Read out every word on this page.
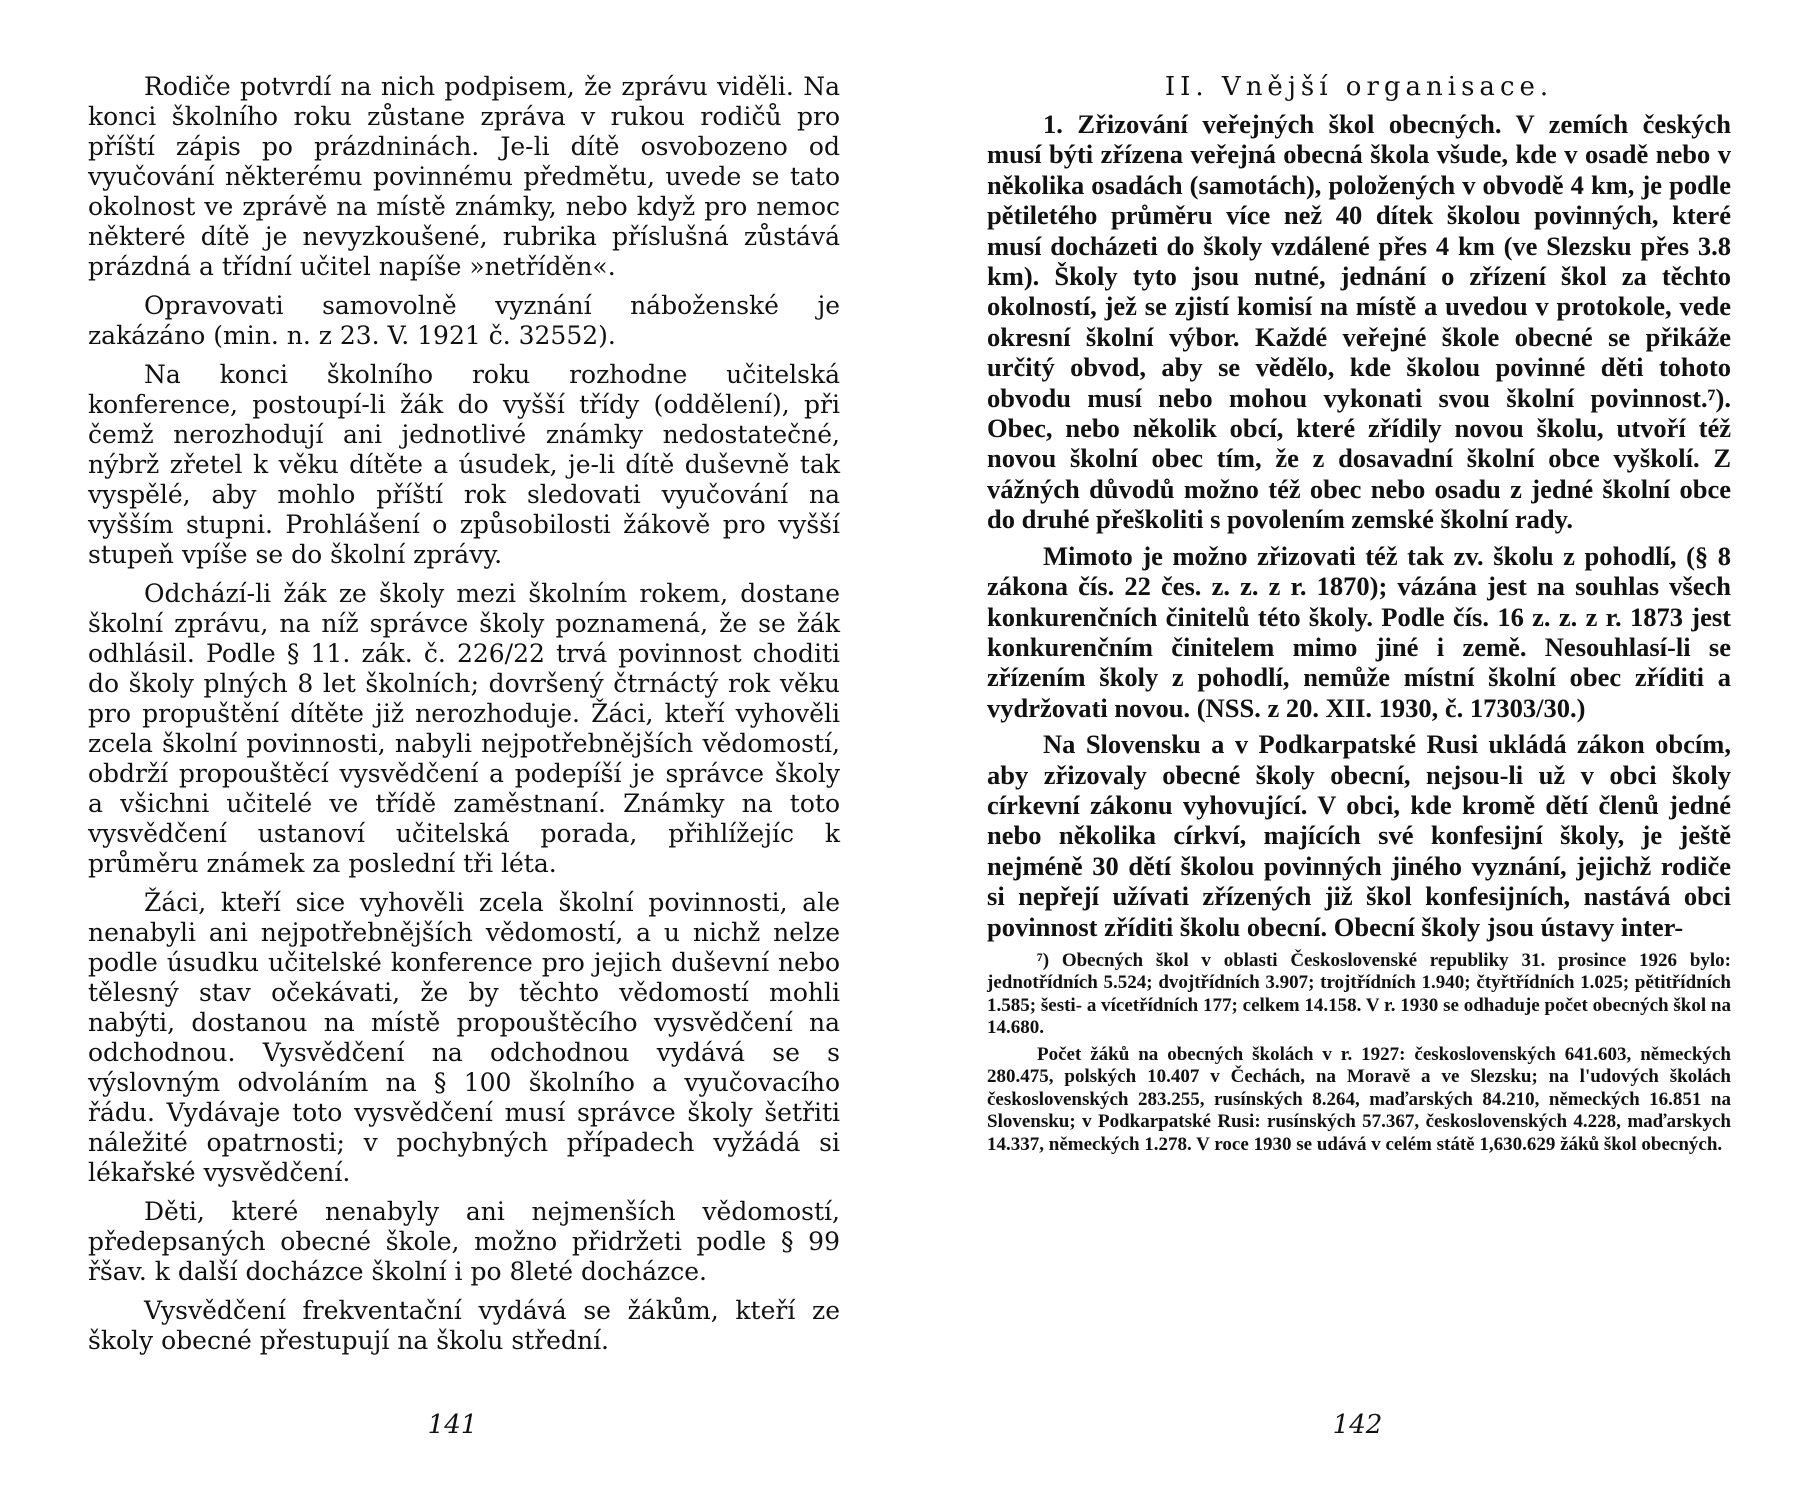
Rodiče potvrdí na nich podpisem, že zprávu viděli. Na konci školního roku zůstane zpráva v rukou rodičů pro příští zápis po prázdninách. Je-li dítě osvobozeno od vyučování některému povinnému předmětu, uvede se tato okolnost ve zprávě na místě známky, nebo když pro nemoc některé dítě je nevyzkoušené, rubrika příslušná zůstává prázdná a třídní učitel napíše »netříděn«.

Opravovati samovolně vyznání náboženské je zakázáno (min. n. z 23. V. 1921 č. 32552).

Na konci školního roku rozhodne učitelská konference, postoupí-li žák do vyšší třídy (oddělení), při čemž nerozhodují ani jednotlivé známky nedostatečné, nýbrž zřetel k věku dítěte a úsudek, je-li dítě duševně tak vyspělé, aby mohlo příští rok sledovati vyučování na vyšším stupni. Prohlášení o způsobilosti žákově pro vyšší stupeň vpíše se do školní zprávy.

Odchází-li žák ze školy mezi školním rokem, dostane školní zprávu, na níž správce školy poznamená, že se žák odhlásil. Podle § 11. zák. č. 226/22 trvá povinnost choditi do školy plných 8 let školních; dovršený čtrnáctý rok věku pro propuštění dítěte již nerozhoduje. Žáci, kteří vyhověli zcela školní povinnosti, nabyli nejpotřebnějších vědomostí, obdrží propouštěcí vysvědčení a podepíší je správce školy a všichni učitelé ve třídě zaměstnaní. Známky na toto vysvědčení ustanoví učitelská porada, přihlížejíc k průměru známek za poslední tři léta.

Žáci, kteří sice vyhověli zcela školní povinnosti, ale nenabyli ani nejpotřebnějších vědomostí, a u nichž nelze podle úsudku učitelské konference pro jejich duševní nebo tělesný stav očekávati, že by těchto vědomostí mohli nabýti, dostanou na místě propouštěcího vysvědčení na odchodnou. Vysvědčení na odchodnou vydává se s výslovným odvoláním na § 100 školního a vyučovacího řádu. Vydávaje toto vysvědčení musí správce školy šetřiti náležité opatrnosti; v pochybných případech vyžádá si lékařské vysvědčení.

Děti, které nenabyly ani nejmenších vědomostí, předepsaných obecné škole, možno přidržeti podle § 99 řšav. k další docházce školní i po 8leté docházce.

Vysvědčení frekventační vydává se žákům, kteří ze školy obecné přestupují na školu střední.

141
II. Vnější organisace.

1. Zřizování veřejných škol obecných. V zemích českých musí býti zřízena veřejná obecná škola všude, kde v osadě nebo v několika osadách (samotách), položených v obvodě 4 km, je podle pětiletého průměru více než 40 dítek školou povinných, které musí docházeti do školy vzdálené přes 4 km (ve Slezsku přes 3.8 km). Školy tyto jsou nutné, jednání o zřízení škol za těchto okolností, jež se zjistí komisí na místě a uvedou v protokole, vede okresní školní výbor. Každé veřejné škole obecné se přikáže určitý obvod, aby se vědělo, kde školou povinné děti tohoto obvodu musí nebo mohou vykonati svou školní povinnost.⁷). Obec, nebo několik obcí, které zřídily novou školu, utvoří též novou školní obec tím, že z dosavadní školní obce vyškolí. Z vážných důvodů možno též obec nebo osadu z jedné školní obce do druhé přeškoliti s povolením zemské školní rady.

Mimoto je možno zřizovati též tak zv. školu z pohodlí, (§ 8 zákona čís. 22 čes. z. z. z r. 1870); vázána jest na souhlas všech konkurenčních činitelů této školy. Podle čís. 16 z. z. z r. 1873 jest konkurenčním činitelem mimo jiné i země. Nesouhlasí-li se zřízením školy z pohodlí, nemůže místní školní obec zříditi a vydržovati novou. (NSS. z 20. XII. 1930, č. 17303/30.)

Na Slovensku a v Podkarpatské Rusi ukládá zákon obcím, aby zřizovaly obecné školy obecní, nejsou-li už v obci školy církevní zákonu vyhovující. V obci, kde kromě dětí členů jedné nebo několika církví, majících své konfesijní školy, je ještě nejméně 30 dětí školou povinných jiného vyznání, jejichž rodiče si nepřejí užívati zřízených již škol konfesijních, nastává obci povinnost zříditi školu obecní. Obecní školy jsou ústavy inter-

⁷) Obecných škol v oblasti Československé republiky 31. prosince 1926 bylo: jednotřídních 5.524; dvojtřídních 3.907; trojtřídních 1.940; čtyřtřídních 1.025; pětitřídních 1.585; šesti- a vícetřídních 177; celkem 14.158. V r. 1930 se odhaduje počet obecných škol na 14.680.

Počet žáků na obecných školách v r. 1927: československých 641.603, německých 280.475, polských 10.407 v Čechách, na Moravě a ve Slezsku; na l'udových školách československých 283.255, rusínských 8.264, maďarských 84.210, německých 16.851 na Slovensku; v Podkarpatské Rusi: rusínských 57.367, československých 4.228, maďarskych 14.337, německých 1.278. V roce 1930 se udává v celém státě 1,630.629 žáků škol obecných.

142
